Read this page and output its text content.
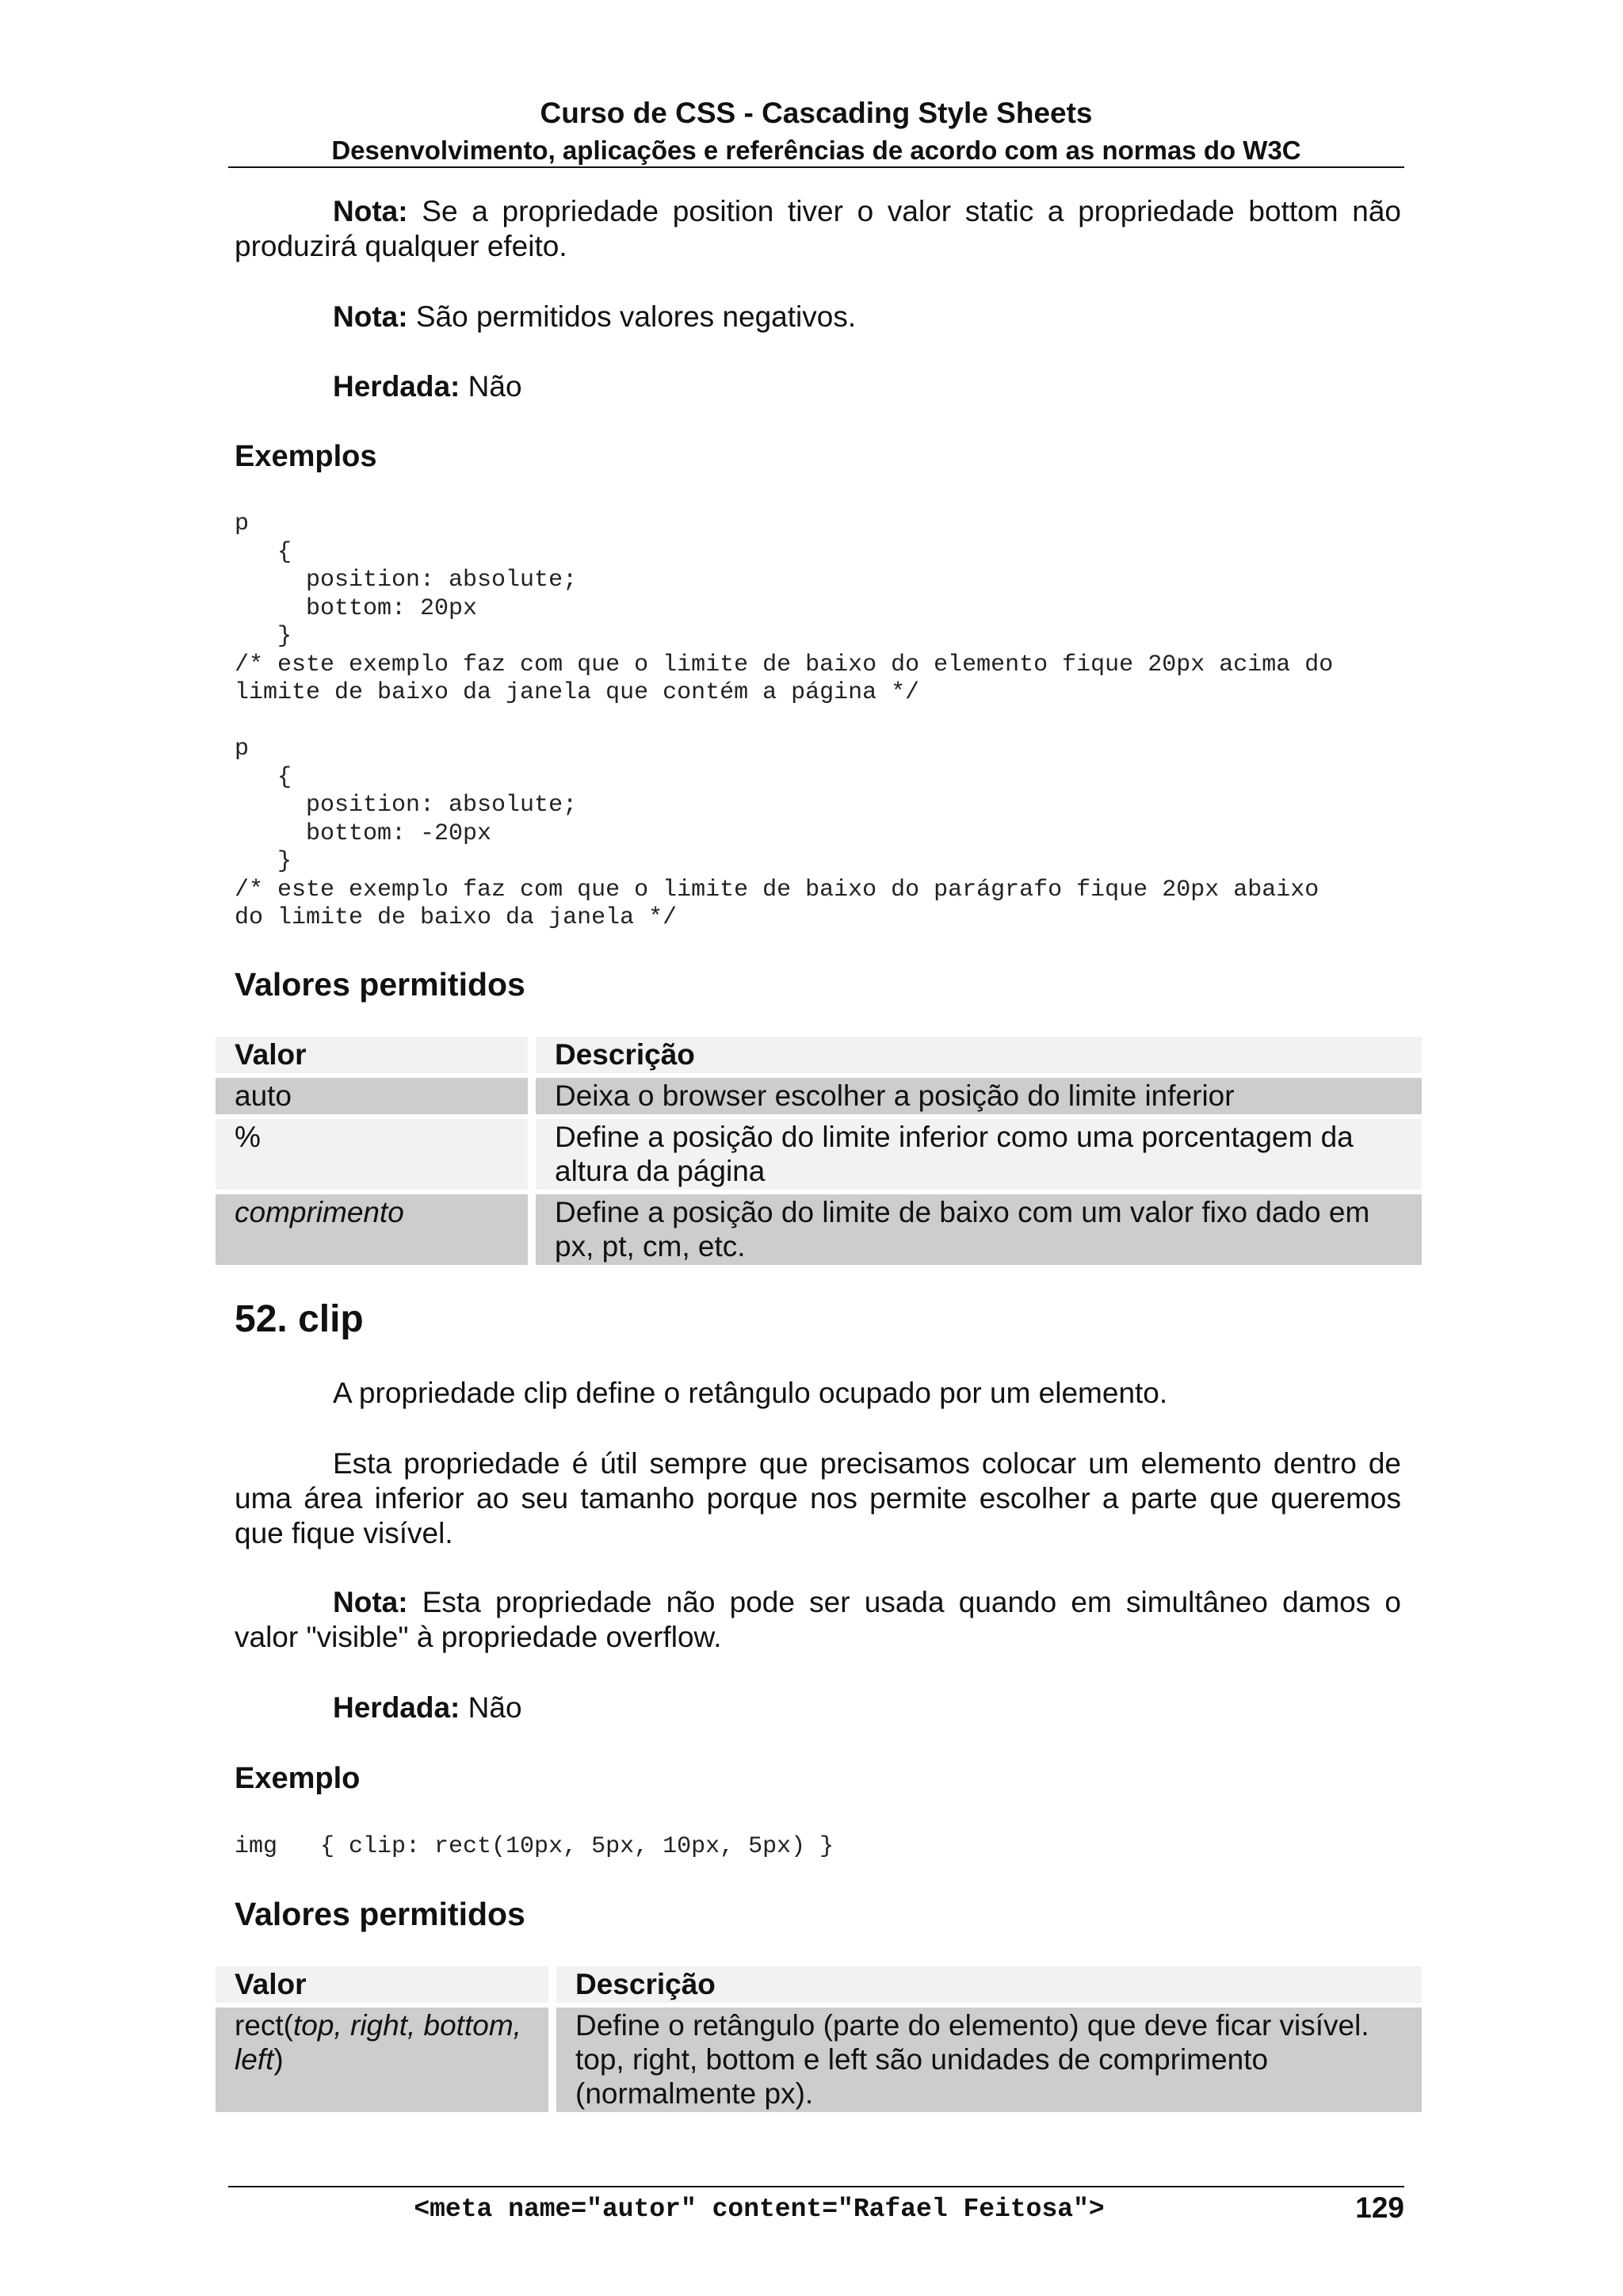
Curso de CSS - Cascading Style Sheets
Desenvolvimento, aplicações e referências de acordo com as normas do W3C
Nota: Se a propriedade position tiver o valor static a propriedade bottom não produzirá qualquer efeito.
Nota: São permitidos valores negativos.
Herdada: Não
Exemplos
p
{
position: absolute;
bottom: 20px
}
/* este exemplo faz com que o limite de baixo do elemento fique 20px acima do
limite de baixo da janela que contém a página */
p
{
position: absolute;
bottom: -20px
}
/* este exemplo faz com que o limite de baixo do parágrafo fique 20px abaixo
do limite de baixo da janela */
Valores permitidos
Valor	Descrição
auto	Deixa o browser escolher a posição do limite inferior
%	Define a posição do limite inferior como uma porcentagem da altura da página
comprimento	Define a posição do limite de baixo com um valor fixo dado em px, pt, cm, etc.
52. clip
A propriedade clip define o retângulo ocupado por um elemento.
Esta propriedade é útil sempre que precisamos colocar um elemento dentro de uma área inferior ao seu tamanho porque nos permite escolher a parte que queremos que fique visível.
Nota: Esta propriedade não pode ser usada quando em simultâneo damos o valor "visible" à propriedade overflow.
Herdada: Não
Exemplo
img   { clip: rect(10px, 5px, 10px, 5px) }
Valores permitidos
Valor	Descrição
rect(top, right, bottom, left)	Define o retângulo (parte do elemento) que deve ficar visível. top, right, bottom e left são unidades de comprimento (normalmente px).
<meta name="autor" content="Rafael Feitosa">	129
